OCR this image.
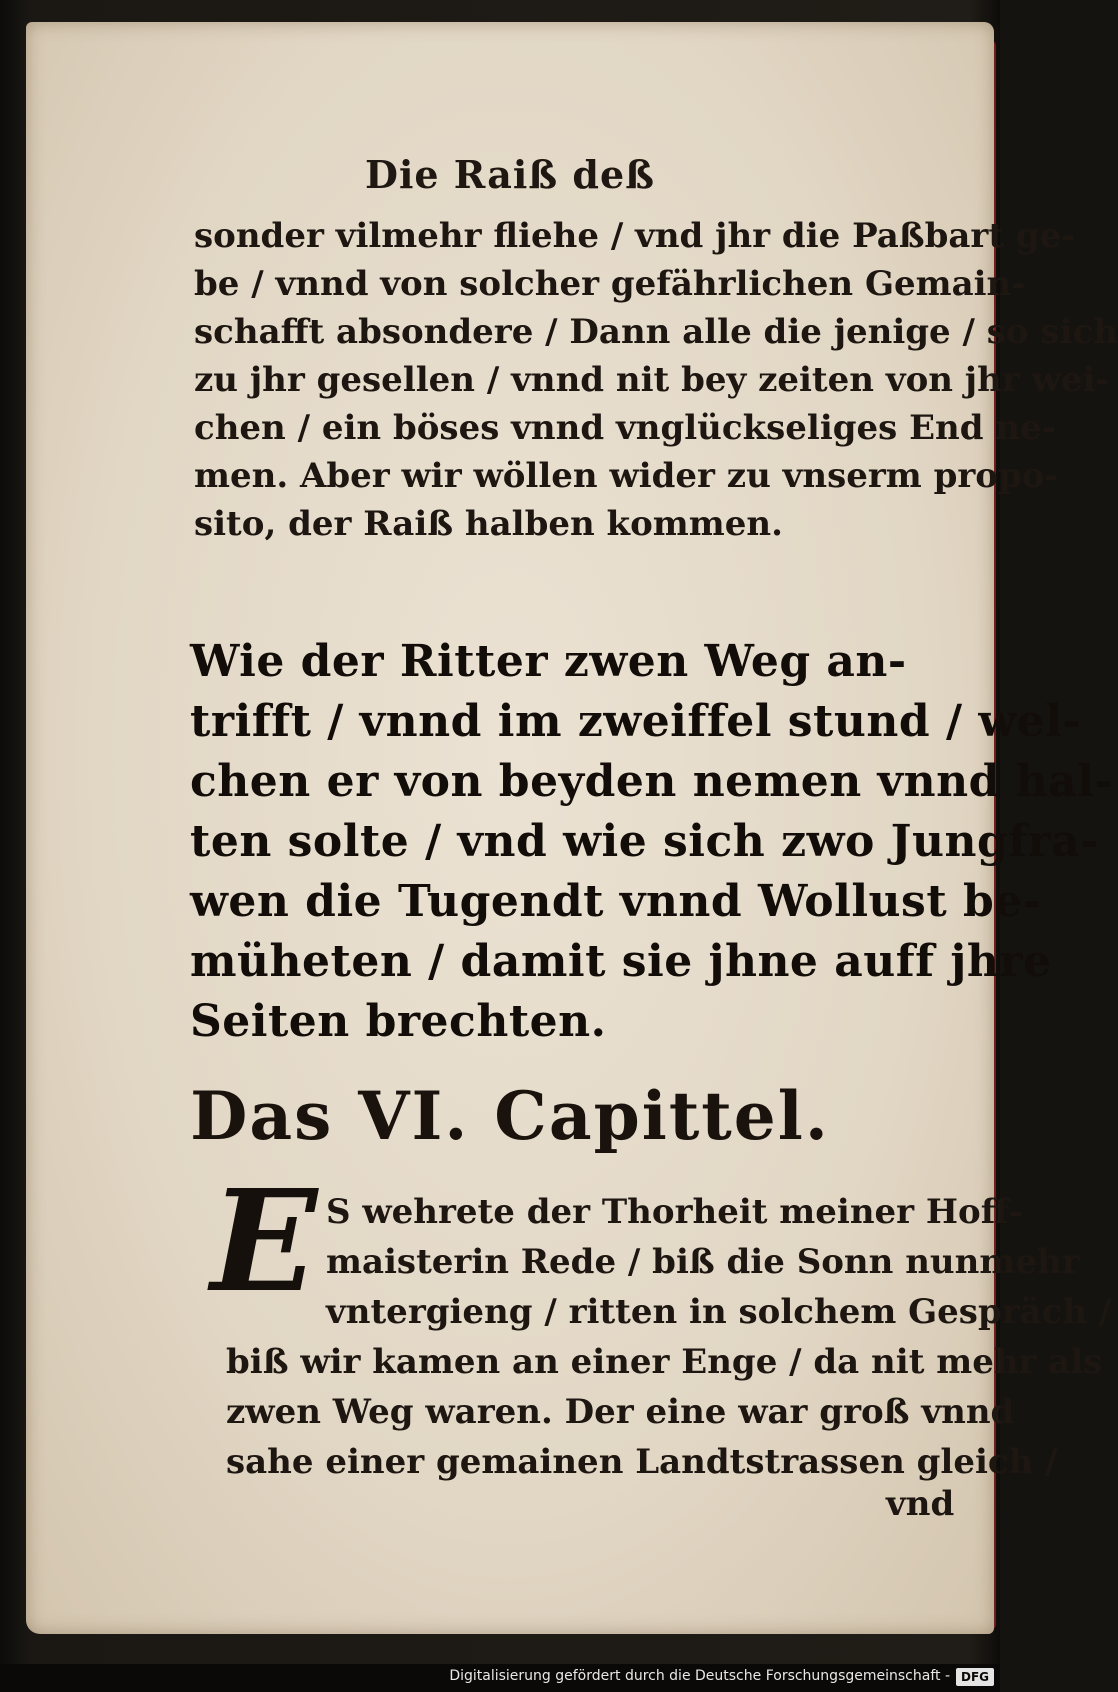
Die Raiß deß
sonder vilmehr fliehe / vnd jhr die Paßbart ge-
be / vnnd von solcher gefährlichen Gemain-
schafft absondere / Dann alle die jenige / so sich
zu jhr gesellen / vnnd nit bey zeiten von jhr wei-
chen / ein böses vnnd vnglückseliges End ne-
men. Aber wir wöllen wider zu vnserm propo-
sito, der Raiß halben kommen.
Wie der Ritter zwen Weg an-
trifft / vnnd im zweiffel stund / wel-
chen er von beyden nemen vnnd hal-
ten solte / vnd wie sich zwo Jungfra-
wen die Tugendt vnnd Wollust be-
müheten / damit sie jhne auff jhre
Seiten brechten.
Das VI. Capittel.
E S wehrete der Thorheit meiner Hoff-
maisterin Rede / biß die Sonn nunmehr
vntergieng / ritten in solchem Gespräch /
biß wir kamen an einer Enge / da nit mehr als
zwen Weg waren. Der eine war groß vnnd
sahe einer gemainen Landtstrassen gleich /
vnd
Digitalisierung gefördert durch die Deutsche Forschungsgemeinschaft - DFG
